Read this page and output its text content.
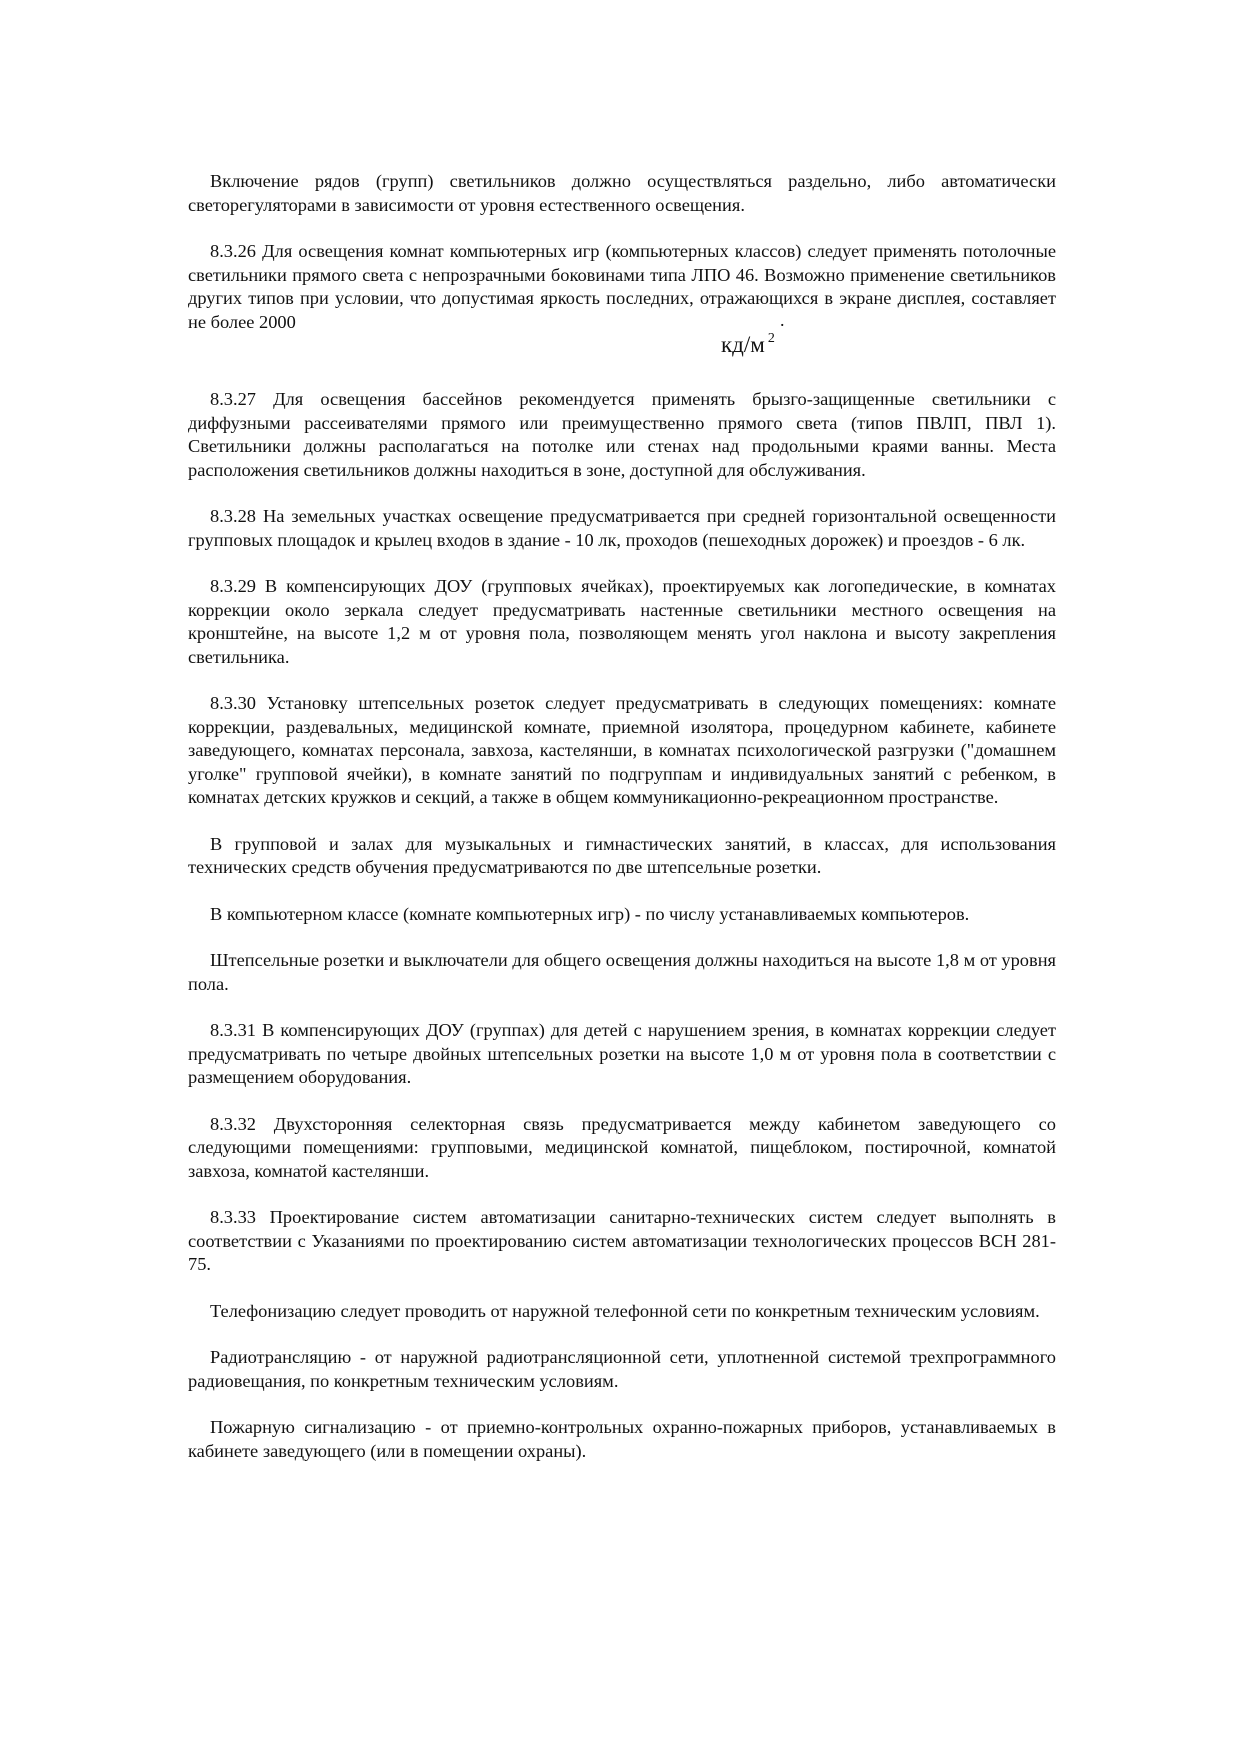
Включение рядов (групп) светильников должно осуществляться раздельно, либо автоматически светорегуляторами в зависимости от уровня естественного освещения.

8.3.26 Для освещения комнат компьютерных игр (компьютерных классов) следует применять потолочные светильники прямого света с непрозрачными боковинами типа ЛПО 46. Возможно применение светильников других типов при условии, что допустимая яркость последних, отражающихся в экране дисплея, составляет не более 2000	.
кд/м $^2$

8.3.27 Для освещения бассейнов рекомендуется применять брызго-защищенные светильники с диффузными рассеивателями прямого или преимущественно прямого света (типов ПВЛП, ПВЛ 1). Светильники должны располагаться на потолке или стенах над продольными краями ванны. Места расположения светильников должны находиться в зоне, доступной для обслуживания.

8.3.28 На земельных участках освещение предусматривается при средней горизонтальной освещенности групповых площадок и крылец входов в здание - 10 лк, проходов (пешеходных дорожек) и проездов - 6 лк.

8.3.29 В компенсирующих ДОУ (групповых ячейках), проектируемых как логопедические, в комнатах коррекции около зеркала следует предусматривать настенные светильники местного освещения на кронштейне, на высоте 1,2 м от уровня пола, позволяющем менять угол наклона и высоту закрепления светильника.

8.3.30 Установку штепсельных розеток следует предусматривать в следующих помещениях: комнате коррекции, раздевальных, медицинской комнате, приемной изолятора, процедурном кабинете, кабинете заведующего, комнатах персонала, завхоза, кастелянши, в комнатах психологической разгрузки ("домашнем уголке" групповой ячейки), в комнате занятий по подгруппам и индивидуальных занятий с ребенком, в комнатах детских кружков и секций, а также в общем коммуникационно-рекреационном пространстве.

В групповой и залах для музыкальных и гимнастических занятий, в классах, для использования технических средств обучения предусматриваются по две штепсельные розетки.

В компьютерном классе (комнате компьютерных игр) - по числу устанавливаемых компьютеров.

Штепсельные розетки и выключатели для общего освещения должны находиться на высоте 1,8 м от уровня пола.

8.3.31 В компенсирующих ДОУ (группах) для детей с нарушением зрения, в комнатах коррекции следует предусматривать по четыре двойных штепсельных розетки на высоте 1,0 м от уровня пола в соответствии с размещением оборудования.

8.3.32 Двухсторонняя селекторная связь предусматривается между кабинетом заведующего со следующими помещениями: групповыми, медицинской комнатой, пищеблоком, постирочной, комнатой завхоза, комнатой кастелянши.

8.3.33 Проектирование систем автоматизации санитарно-технических систем следует выполнять в соответствии с Указаниями по проектированию систем автоматизации технологических процессов ВСН 281-75.

Телефонизацию следует проводить от наружной телефонной сети по конкретным техническим условиям.

Радиотрансляцию - от наружной радиотрансляционной сети, уплотненной системой трехпрограммного радиовещания, по конкретным техническим условиям.

Пожарную сигнализацию - от приемно-контрольных охранно-пожарных приборов, устанавливаемых в кабинете заведующего (или в помещении охраны).
